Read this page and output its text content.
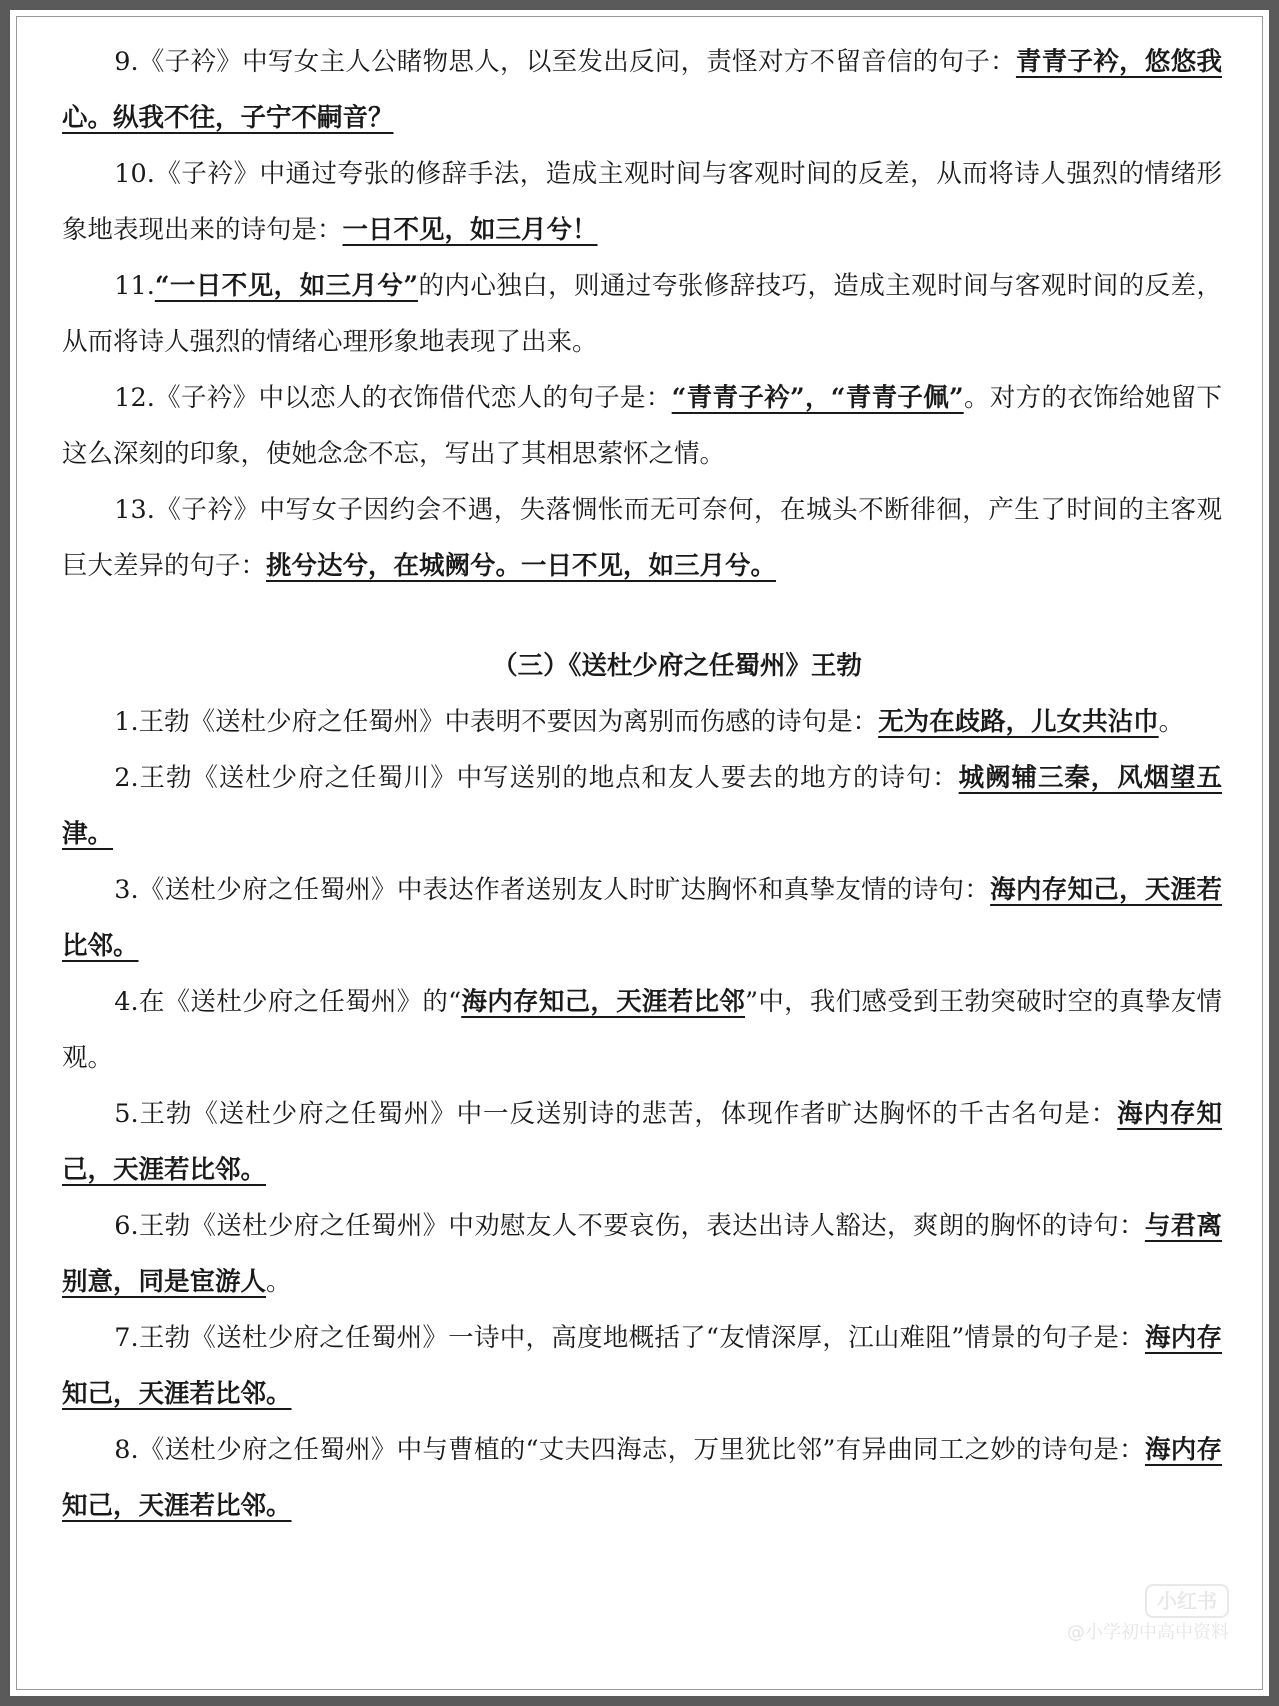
9.《子衿》中写女主人公睹物思人，以至发出反问，责怪对方不留音信的句子：青青子衿，悠悠我心。纵我不往，子宁不嗣音？

10.《子衿》中通过夸张的修辞手法，造成主观时间与客观时间的反差，从而将诗人强烈的情绪形象地表现出来的诗句是：一日不见，如三月兮！

11.“一日不见，如三月兮”的内心独白，则通过夸张修辞技巧，造成主观时间与客观时间的反差，从而将诗人强烈的情绪心理形象地表现了出来。

12.《子衿》中以恋人的衣饰借代恋人的句子是：“青青子衿”，“青青子佩”。对方的衣饰给她留下这么深刻的印象，使她念念不忘，写出了其相思萦怀之情。

13.《子衿》中写女子因约会不遇，失落惆怅而无可奈何，在城头不断徘徊，产生了时间的主客观巨大差异的句子：挑兮达兮，在城阙兮。一日不见，如三月兮。

（三）《送杜少府之任蜀州》王勃

1.王勃《送杜少府之任蜀州》中表明不要因为离别而伤感的诗句是：无为在歧路，儿女共沾巾。

2.王勃《送杜少府之任蜀川》中写送别的地点和友人要去的地方的诗句：城阙辅三秦，风烟望五津。

3.《送杜少府之任蜀州》中表达作者送别友人时旷达胸怀和真挚友情的诗句：海内存知己，天涯若比邻。

4.在《送杜少府之任蜀州》的“海内存知己，天涯若比邻”中，我们感受到王勃突破时空的真挚友情观。

5.王勃《送杜少府之任蜀州》中一反送别诗的悲苦，体现作者旷达胸怀的千古名句是：海内存知己，天涯若比邻。

6.王勃《送杜少府之任蜀州》中劝慰友人不要哀伤，表达出诗人豁达，爽朗的胸怀的诗句：与君离别意，同是宦游人。

7.王勃《送杜少府之任蜀州》一诗中，高度地概括了“友情深厚，江山难阻”情景的句子是：海内存知己，天涯若比邻。

8.《送杜少府之任蜀州》中与曹植的“丈夫四海志，万里犹比邻”有异曲同工之妙的诗句是：海内存知己，天涯若比邻。

小红书
@小学初中高中资料
